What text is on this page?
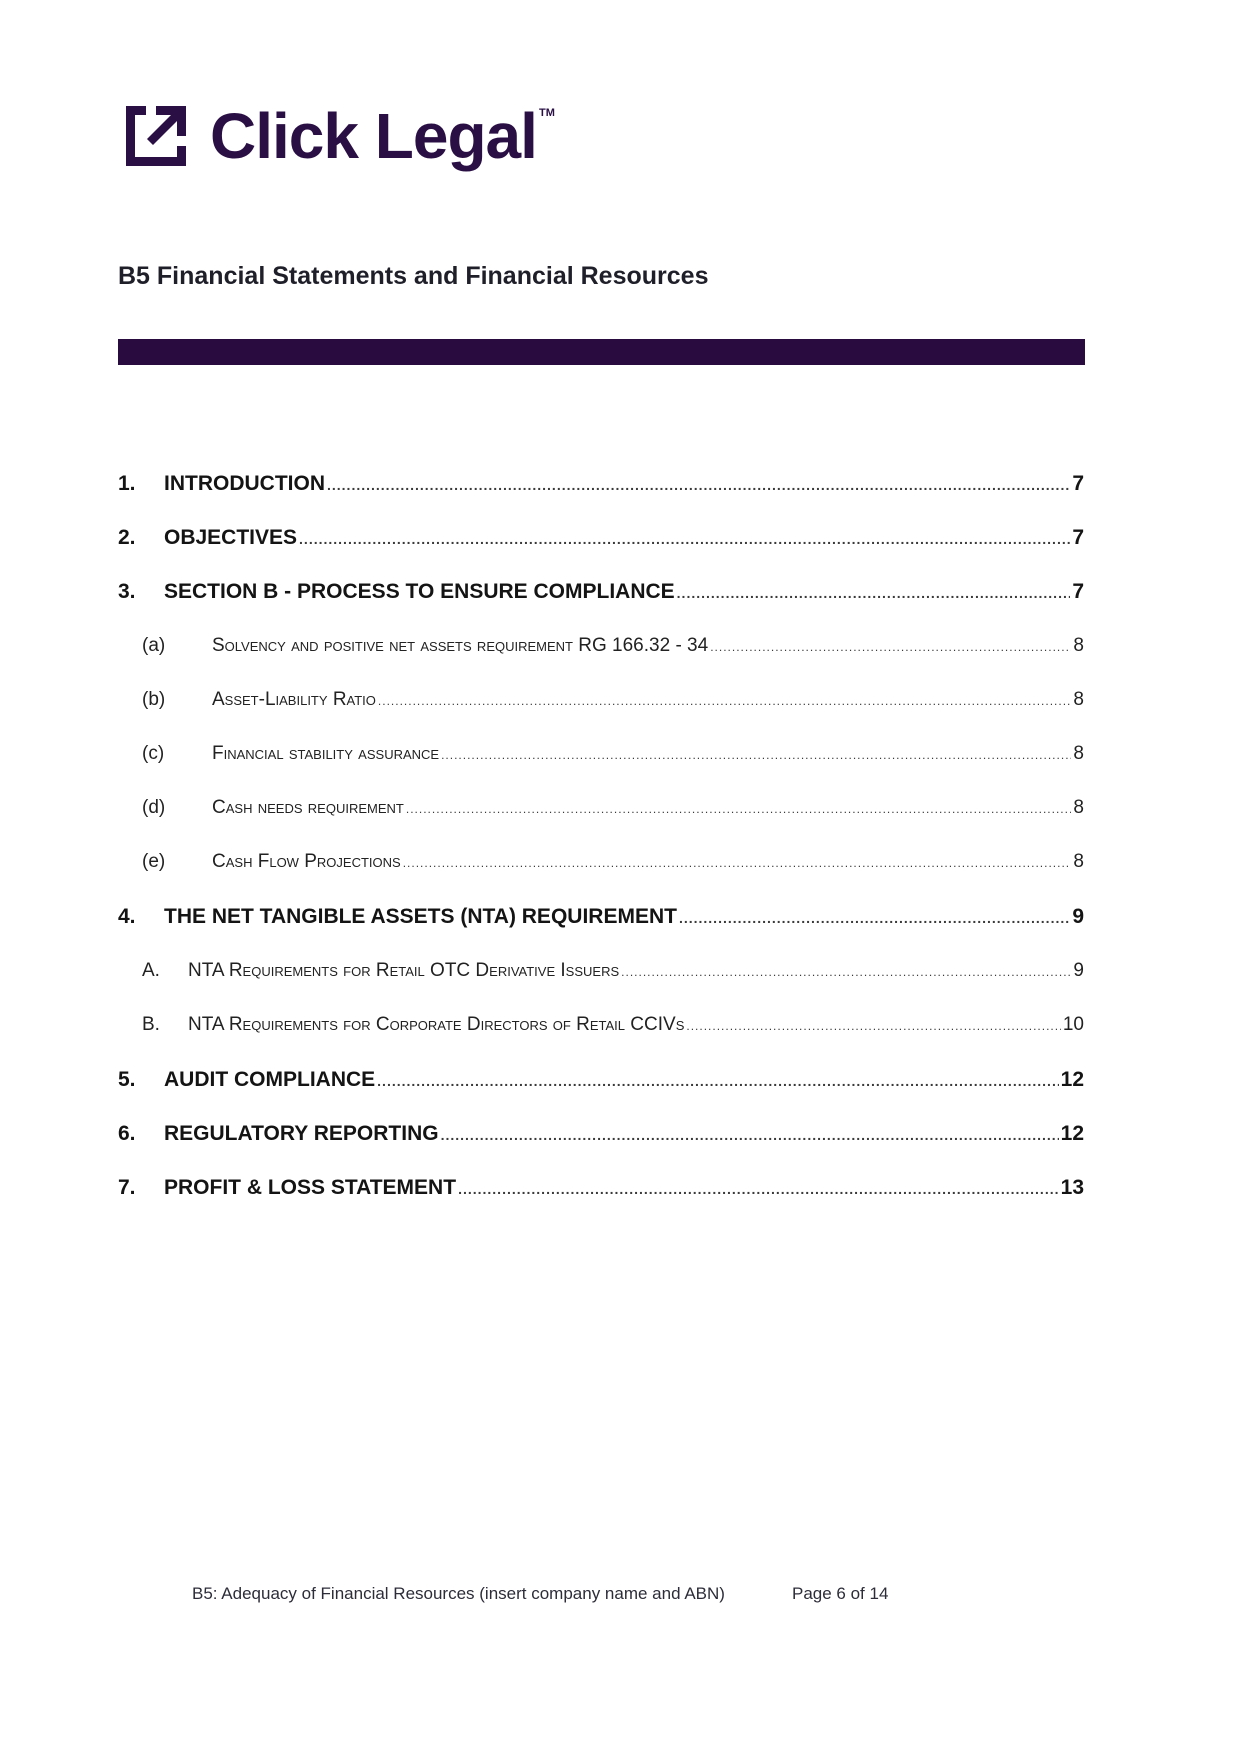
Click Legal TM
B5 Financial Statements and Financial Resources
1.	INTRODUCTION .....	7
2.	OBJECTIVES .....	7
3.	SECTION B - PROCESS TO ENSURE COMPLIANCE .....	7
(a)	Solvency and positive net assets requirement RG 166.32 - 34 .....	8
(b)	Asset-Liability Ratio .....	8
(c)	Financial stability assurance .....	8
(d)	Cash needs requirement .....	8
(e)	Cash Flow Projections .....	8
4.	THE NET TANGIBLE ASSETS (NTA) REQUIREMENT .....	9
A.	NTA Requirements for Retail OTC Derivative Issuers .....	9
B.	NTA Requirements for Corporate Directors of Retail CCIVs .....	10
5.	AUDIT COMPLIANCE .....	12
6.	REGULATORY REPORTING .....	12
7.	PROFIT & LOSS STATEMENT .....	13
B5: Adequacy of Financial Resources (insert company name and ABN)	Page 6 of 14
